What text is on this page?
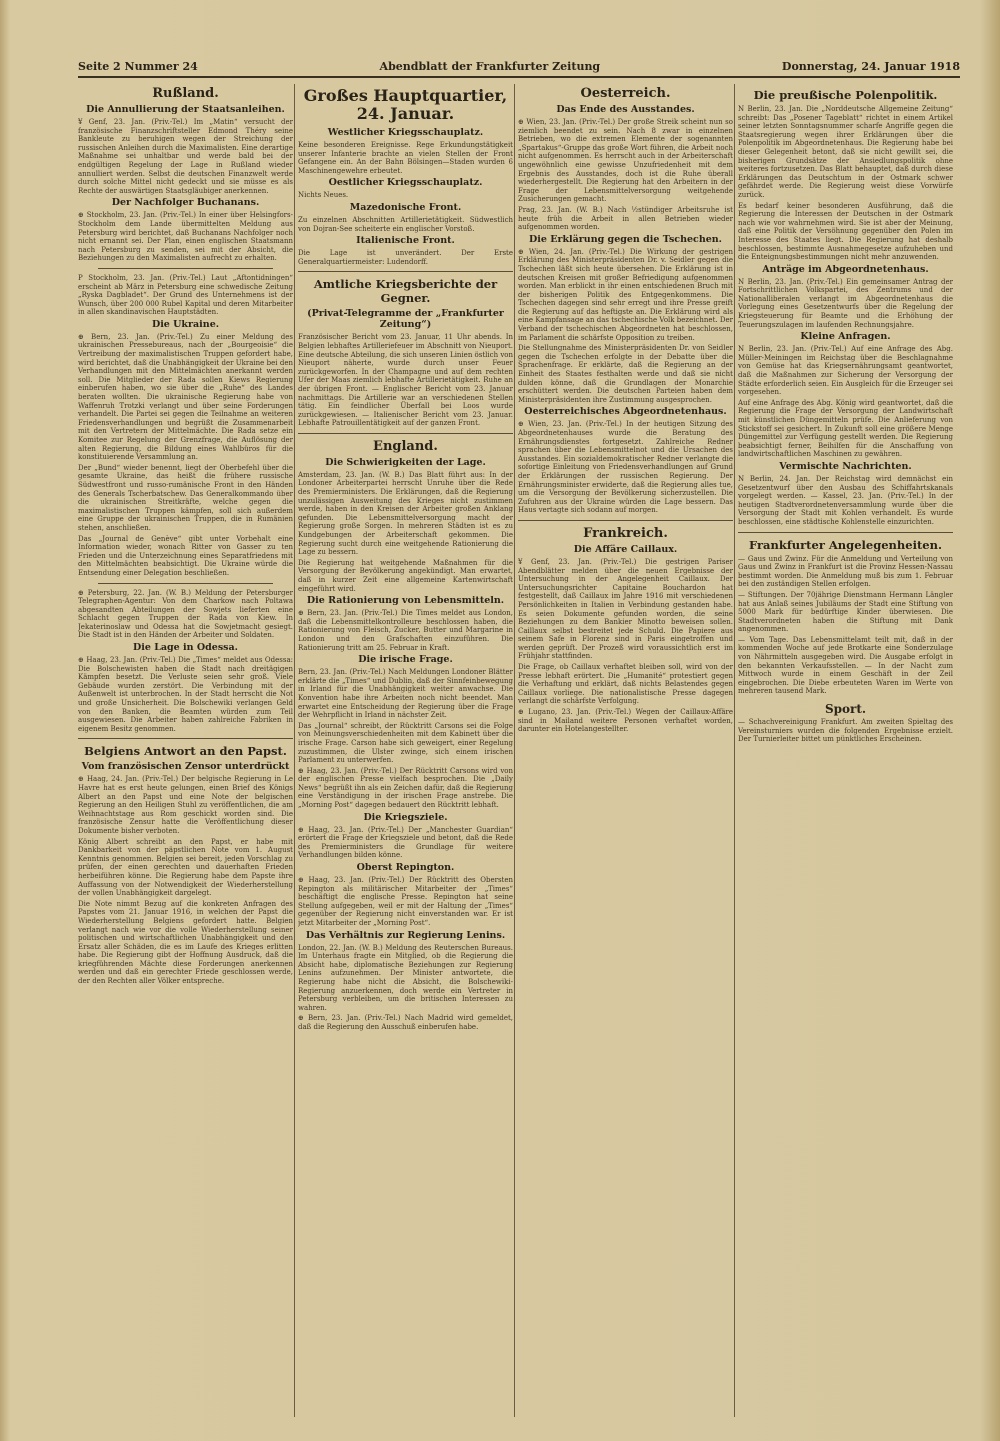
Seite 2 Nummer 24	Abendblatt der Frankfurter Zeitung	Donnerstag, 24. Januar 1918
Rußland.
Die Annullierung der Staatsanleihen.

¥ Genf, 23. Jan. (Priv.-Tel.) Im „Matin“ versucht der französische Finanzschriftsteller Edmond Théry seine Bankleute zu beruhigen wegen der Streichung der russischen Anleihen durch die Maximalisten. Eine derartige Maßnahme sei unhaltbar und werde bald bei der endgültigen Regelung der Lage in Rußland wieder annulliert werden. Selbst die deutschen Finanzwelt werde durch solche Mittel nicht gedeckt und sie müsse es als Rechte der auswärtigen Staatsgläubiger anerkennen.

Der Nachfolger Buchanans.

⊕ Stockholm, 23. Jan. (Priv.-Tel.) In einer über Helsingfors-Stockholm dem Lande übermittelten Meldung aus Petersburg wird berichtet, daß Buchanans Nachfolger noch nicht ernannt sei. Der Plan, einen englischen Staatsmann nach Petersburg zu senden, sei mit der Absicht, die Beziehungen zu den Maximalisten aufrecht zu erhalten.

P Stockholm, 23. Jan. (Priv.-Tel.) Laut „Aftontidningen“ erscheint ab März in Petersburg eine schwedische Zeitung „Ryska Dagbladet“. Der Grund des Unternehmens ist der Wunsch, über 200 000 Rubel Kapital und deren Mitarbeiter in allen skandinavischen Hauptstädten.

Die Ukraine.

⊕ Bern, 23. Jan. (Priv.-Tel.) Zu einer Meldung des ukrainischen Pressebureaus, nach der „Bourgeoisie“ die Vertreibung der maximalistischen Truppen gefordert habe, wird berichtet, daß die Unabhängigkeit der Ukraine bei den Verhandlungen mit den Mittelmächten anerkannt werden soll. Die Mitglieder der Rada sollen Kiews Regierung einberufen haben, wo sie über die „Ruhe“ des Landes beraten wollten. Die ukrainische Regierung habe von Waffenruh Trotzki verlangt und über seine Forderungen verhandelt. Die Partei sei gegen die Teilnahme an weiteren Friedensverhandlungen und begrüßt die Zusammenarbeit mit den Vertretern der Mittelmächte. Die Rada setze ein Komitee zur Regelung der Grenzfrage, die Auflösung der alten Regierung, die Bildung eines Wahlbüros für die konstituierende Versammlung an.

Der „Bund“ wieder benennt, liegt der Oberbefehl über die gesamte Ukraine, das heißt die frühere russische Südwestfront und russo-rumänische Front in den Händen des Generals Tscherbatschew. Das Generalkommando über die ukrainischen Streitkräfte, welche gegen die maximalistischen Truppen kämpfen, soll sich außerdem eine Gruppe der ukrainischen Truppen, die in Rumänien stehen, anschließen.

Das „Journal de Genève“ gibt unter Vorbehalt eine Information wieder, wonach Ritter von Gasser zu ten Frieden und die Unterzeichnung eines Separatfriedens mit den Mittelmächten beabsichtigt. Die Ukraine würde die Entsendung einer Delegation beschließen.

⊕ Petersburg, 22. Jan. (W. B.) Meldung der Petersburger Telegraphen-Agentur: Von dem Charkow nach Poltawa abgesandten Abteilungen der Sowjets lieferten eine Schlacht gegen Truppen der Rada von Kiew. In Jekaterinoslaw und Odessa hat die Sowjetmacht gesiegt. Die Stadt ist in den Händen der Arbeiter und Soldaten.

Die Lage in Odessa.

⊕ Haag, 23. Jan. (Priv.-Tel.) Die „Times“ meldet aus Odessa: Die Bolschewisten haben die Stadt nach dreitägigen Kämpfen besetzt. Die Verluste seien sehr groß. Viele Gebäude wurden zerstört. Die Verbindung mit der Außenwelt ist unterbrochen. In der Stadt herrscht die Not und große Unsicherheit. Die Bolschewiki verlangen Geld von den Banken, die Beamten würden zum Teil ausgewiesen. Die Arbeiter haben zahlreiche Fabriken in eigenem Besitz genommen.

Belgiens Antwort an den Papst.
Vom französischen Zensor unterdrückt

⊕ Haag, 24. Jan. (Priv.-Tel.) Der belgische Regierung in Le Havre hat es erst heute gelungen, einen Brief des Königs Albert an den Papst und eine Note der belgischen Regierung an den Heiligen Stuhl zu veröffentlichen, die am Weihnachtstage aus Rom geschickt worden sind. Die französische Zensur hatte die Veröffentlichung dieser Dokumente bisher verboten.

König Albert schreibt an den Papst, er habe mit Dankbarkeit von der päpstlichen Note vom 1. August Kenntnis genommen. Belgien sei bereit, jeden Vorschlag zu prüfen, der einen gerechten und dauerhaften Frieden herbeiführen könne. Die Regierung habe dem Papste ihre Auffassung von der Notwendigkeit der Wiederherstellung der vollen Unabhängigkeit dargelegt.

Die Note nimmt Bezug auf die konkreten Anfragen des Papstes vom 21. Januar 1916, in welchen der Papst die Wiederherstellung Belgiens gefordert hatte. Belgien verlangt nach wie vor die volle Wiederherstellung seiner politischen und wirtschaftlichen Unabhängigkeit und den Ersatz aller Schäden, die es im Laufe des Krieges erlitten habe. Die Regierung gibt der Hoffnung Ausdruck, daß die kriegführenden Mächte diese Forderungen anerkennen werden und daß ein gerechter Friede geschlossen werde, der den Rechten aller Völker entspreche.

Großes Hauptquartier, 24. Januar.
Westlicher Kriegsschauplatz.

Keine besonderen Ereignisse. Rege Erkundungstätigkeit unserer Infanterie brachte an vielen Stellen der Front Gefangene ein. An der Bahn Bölsingen—Staden wurden 6 Maschinengewehre erbeutet.

Oestlicher Kriegsschauplatz.

Nichts Neues.

Mazedonische Front.

Zu einzelnen Abschnitten Artillerietätigkeit. Südwestlich von Dojran-See scheiterte ein englischer Vorstoß.

Italienische Front.

Die Lage ist unverändert. Der Erste Generalquartiermeister: Ludendorff.

Amtliche Kriegsberichte der Gegner.
(Privat-Telegramme der „Frankfurter Zeitung“)

Französischer Bericht vom 23. Januar, 11 Uhr abends. In Belgien lebhaftes Artilleriefeuer im Abschnitt von Nieuport. Eine deutsche Abteilung, die sich unseren Linien östlich von Nieuport näherte, wurde durch unser Feuer zurückgeworfen. In der Champagne und auf dem rechten Ufer der Maas ziemlich lebhafte Artillerietätigkeit. Ruhe an der übrigen Front. — Englischer Bericht vom 23. Januar nachmittags. Die Artillerie war an verschiedenen Stellen tätig. Ein feindlicher Überfall bei Loos wurde zurückgewiesen. — Italienischer Bericht vom 23. Januar. Lebhafte Patrouillentätigkeit auf der ganzen Front.

England.
Die Schwierigkeiten der Lage.

Amsterdam, 23. Jan. (W. B.) Das Blatt führt aus: In der Londoner Arbeiterpartei herrscht Unruhe über die Rede des Premierministers. Die Erklärungen, daß die Regierung unzulässigen Ausweitung des Krieges nicht zustimmen werde, haben in den Kreisen der Arbeiter großen Anklang gefunden. Die Lebensmittelversorgung macht der Regierung große Sorgen. In mehreren Städten ist es zu Kundgebungen der Arbeiterschaft gekommen. Die Regierung sucht durch eine weitgehende Rationierung die Lage zu bessern.

Die Regierung hat weitgehende Maßnahmen für die Versorgung der Bevölkerung angekündigt. Man erwartet, daß in kurzer Zeit eine allgemeine Kartenwirtschaft eingeführt wird.

Die Rationierung von Lebensmitteln.

⊕ Bern, 23. Jan. (Priv.-Tel.) Die Times meldet aus London, daß die Lebensmittelkontrolleure beschlossen haben, die Rationierung von Fleisch, Zucker, Butter und Margarine in London und den Grafschaften einzuführen. Die Rationierung tritt am 25. Februar in Kraft.

Die irische Frage.

Bern, 23. Jan. (Priv.-Tel.) Nach Meldungen Londoner Blätter erklärte die „Times“ und Dublin, daß der Sinnfeinbewegung in Irland für die Unabhängigkeit weiter anwachse. Die Konvention habe ihre Arbeiten noch nicht beendet. Man erwartet eine Entscheidung der Regierung über die Frage der Wehrpflicht in Irland in nächster Zeit.

Das „Journal“ schreibt, der Rücktritt Carsons sei die Folge von Meinungsverschiedenheiten mit dem Kabinett über die irische Frage. Carson habe sich geweigert, einer Regelung zuzustimmen, die Ulster zwinge, sich einem irischen Parlament zu unterwerfen.

⊕ Haag, 23. Jan. (Priv.-Tel.) Der Rücktritt Carsons wird von der englischen Presse vielfach besprochen. Die „Daily News“ begrüßt ihn als ein Zeichen dafür, daß die Regierung eine Verständigung in der irischen Frage anstrebe. Die „Morning Post“ dagegen bedauert den Rücktritt lebhaft.

Die Kriegsziele.

⊕ Haag, 23. Jan. (Priv.-Tel.) Der „Manchester Guardian“ erörtert die Frage der Kriegsziele und betont, daß die Rede des Premierministers die Grundlage für weitere Verhandlungen bilden könne.

Oberst Repington.

⊕ Haag, 23. Jan. (Priv.-Tel.) Der Rücktritt des Obersten Repington als militärischer Mitarbeiter der „Times“ beschäftigt die englische Presse. Repington hat seine Stellung aufgegeben, weil er mit der Haltung der „Times“ gegenüber der Regierung nicht einverstanden war. Er ist jetzt Mitarbeiter der „Morning Post“.

Das Verhältnis zur Regierung Lenins.

London, 22. Jan. (W. B.) Meldung des Reuterschen Bureaus. Im Unterhaus fragte ein Mitglied, ob die Regierung die Absicht habe, diplomatische Beziehungen zur Regierung Lenins aufzunehmen. Der Minister antwortete, die Regierung habe nicht die Absicht, die Bolschewiki-Regierung anzuerkennen, doch werde ein Vertreter in Petersburg verbleiben, um die britischen Interessen zu wahren.

⊕ Bern, 23. Jan. (Priv.-Tel.) Nach Madrid wird gemeldet, daß die Regierung den Ausschuß einberufen habe.

Oesterreich.
Das Ende des Ausstandes.

⊕ Wien, 23. Jan. (Priv.-Tel.) Der große Streik scheint nun so ziemlich beendet zu sein. Nach 8 zwar in einzelnen Betrieben, wo die extremen Elemente der sogenannten „Spartakus“-Gruppe das große Wort führen, die Arbeit noch nicht aufgenommen. Es herrscht auch in der Arbeiterschaft ungewöhnlich eine gewisse Unzufriedenheit mit dem Ergebnis des Ausstandes, doch ist die Ruhe überall wiederhergestellt. Die Regierung hat den Arbeitern in der Frage der Lebensmittelversorgung weitgehende Zusicherungen gemacht.

Prag, 23. Jan. (W. B.) Nach ½stündiger Arbeitsruhe ist heute früh die Arbeit in allen Betrieben wieder aufgenommen worden.

Die Erklärung gegen die Tschechen.

⊕ Wien, 24. Jan. (Priv.-Tel.) Die Wirkung der gestrigen Erklärung des Ministerpräsidenten Dr. v. Seidler gegen die Tschechen läßt sich heute übersehen. Die Erklärung ist in deutschen Kreisen mit großer Befriedigung aufgenommen worden. Man erblickt in ihr einen entschiedenen Bruch mit der bisherigen Politik des Entgegenkommens. Die Tschechen dagegen sind sehr erregt und ihre Presse greift die Regierung auf das heftigste an. Die Erklärung wird als eine Kampfansage an das tschechische Volk bezeichnet. Der Verband der tschechischen Abgeordneten hat beschlossen, im Parlament die schärfste Opposition zu treiben.

Die Stellungnahme des Ministerpräsidenten Dr. von Seidler gegen die Tschechen erfolgte in der Debatte über die Sprachenfrage. Er erklärte, daß die Regierung an der Einheit des Staates festhalten werde und daß sie nicht dulden könne, daß die Grundlagen der Monarchie erschüttert werden. Die deutschen Parteien haben dem Ministerpräsidenten ihre Zustimmung ausgesprochen.

Oesterreichisches Abgeordnetenhaus.

⊕ Wien, 23. Jan. (Priv.-Tel.) In der heutigen Sitzung des Abgeordnetenhauses wurde die Beratung des Ernährungsdienstes fortgesetzt. Zahlreiche Redner sprachen über die Lebensmittelnot und die Ursachen des Ausstandes. Ein sozialdemokratischer Redner verlangte die sofortige Einleitung von Friedensverhandlungen auf Grund der Erklärungen der russischen Regierung. Der Ernährungsminister erwiderte, daß die Regierung alles tue, um die Versorgung der Bevölkerung sicherzustellen. Die Zufuhren aus der Ukraine würden die Lage bessern. Das Haus vertagte sich sodann auf morgen.

Frankreich.
Die Affäre Caillaux.

¥ Genf, 23. Jan. (Priv.-Tel.) Die gestrigen Pariser Abendblätter melden über die neuen Ergebnisse der Untersuchung in der Angelegenheit Caillaux. Der Untersuchungsrichter Capitaine Bouchardon hat festgestellt, daß Caillaux im Jahre 1916 mit verschiedenen Persönlichkeiten in Italien in Verbindung gestanden habe. Es seien Dokumente gefunden worden, die seine Beziehungen zu dem Bankier Minotto beweisen sollen. Caillaux selbst bestreitet jede Schuld. Die Papiere aus seinem Safe in Florenz sind in Paris eingetroffen und werden geprüft. Der Prozeß wird voraussichtlich erst im Frühjahr stattfinden.

Die Frage, ob Caillaux verhaftet bleiben soll, wird von der Presse lebhaft erörtert. Die „Humanité“ protestiert gegen die Verhaftung und erklärt, daß nichts Belastendes gegen Caillaux vorliege. Die nationalistische Presse dagegen verlangt die schärfste Verfolgung.

⊕ Lugano, 23. Jan. (Priv.-Tel.) Wegen der Caillaux-Affäre sind in Mailand weitere Personen verhaftet worden, darunter ein Hotelangestellter.

Die preußische Polenpolitik.

N Berlin, 23. Jan. Die „Norddeutsche Allgemeine Zeitung“ schreibt: Das „Posener Tageblatt“ richtet in einem Artikel seiner letzten Sonntagsnummer scharfe Angriffe gegen die Staatsregierung wegen ihrer Erklärungen über die Polenpolitik im Abgeordnetenhaus. Die Regierung habe bei dieser Gelegenheit betont, daß sie nicht gewillt sei, die bisherigen Grundsätze der Ansiedlungspolitik ohne weiteres fortzusetzen. Das Blatt behauptet, daß durch diese Erklärungen das Deutschtum in der Ostmark schwer gefährdet werde. Die Regierung weist diese Vorwürfe zurück.

Es bedarf keiner besonderen Ausführung, daß die Regierung die Interessen der Deutschen in der Ostmark nach wie vor wahrnehmen wird. Sie ist aber der Meinung, daß eine Politik der Versöhnung gegenüber den Polen im Interesse des Staates liegt. Die Regierung hat deshalb beschlossen, bestimmte Ausnahmegesetze aufzuheben und die Enteignungsbestimmungen nicht mehr anzuwenden.

Anträge im Abgeordnetenhaus.

N Berlin, 23. Jan. (Priv.-Tel.) Ein gemeinsamer Antrag der Fortschrittlichen Volkspartei, des Zentrums und der Nationalliberalen verlangt im Abgeordnetenhaus die Vorlegung eines Gesetzentwurfs über die Regelung der Kriegsteuerung für Beamte und die Erhöhung der Teuerungszulagen im laufenden Rechnungsjahre.

Kleine Anfragen.

N Berlin, 23. Jan. (Priv.-Tel.) Auf eine Anfrage des Abg. Müller-Meiningen im Reichstag über die Beschlagnahme von Gemüse hat das Kriegsernährungsamt geantwortet, daß die Maßnahmen zur Sicherung der Versorgung der Städte erforderlich seien. Ein Ausgleich für die Erzeuger sei vorgesehen.

Auf eine Anfrage des Abg. König wird geantwortet, daß die Regierung die Frage der Versorgung der Landwirtschaft mit künstlichen Düngemitteln prüfe. Die Anlieferung von Stickstoff sei gesichert. In Zukunft soll eine größere Menge Düngemittel zur Verfügung gestellt werden. Die Regierung beabsichtigt ferner, Beihilfen für die Anschaffung von landwirtschaftlichen Maschinen zu gewähren.

Vermischte Nachrichten.

N Berlin, 24. Jan. Der Reichstag wird demnächst ein Gesetzentwurf über den Ausbau des Schiffahrtskanals vorgelegt werden. — Kassel, 23. Jan. (Priv.-Tel.) In der heutigen Stadtverordnetenversammlung wurde über die Versorgung der Stadt mit Kohlen verhandelt. Es wurde beschlossen, eine städtische Kohlenstelle einzurichten.

Frankfurter Angelegenheiten.

— Gaus und Zwinz. Für die Anmeldung und Verteilung von Gaus und Zwinz in Frankfurt ist die Provinz Hessen-Nassau bestimmt worden. Die Anmeldung muß bis zum 1. Februar bei den zuständigen Stellen erfolgen.

— Stiftungen. Der 70jährige Dienstmann Hermann Längler hat aus Anlaß seines Jubiläums der Stadt eine Stiftung von 5000 Mark für bedürftige Kinder überwiesen. Die Stadtverordneten haben die Stiftung mit Dank angenommen.

— Vom Tage. Das Lebensmittelamt teilt mit, daß in der kommenden Woche auf jede Brotkarte eine Sonderzulage von Nährmitteln ausgegeben wird. Die Ausgabe erfolgt in den bekannten Verkaufsstellen. — In der Nacht zum Mittwoch wurde in einem Geschäft in der Zeil eingebrochen. Die Diebe erbeuteten Waren im Werte von mehreren tausend Mark.

Sport.

— Schachvereinigung Frankfurt. Am zweiten Spieltag des Vereinsturniers wurden die folgenden Ergebnisse erzielt. Der Turnierleiter bittet um pünktliches Erscheinen.
